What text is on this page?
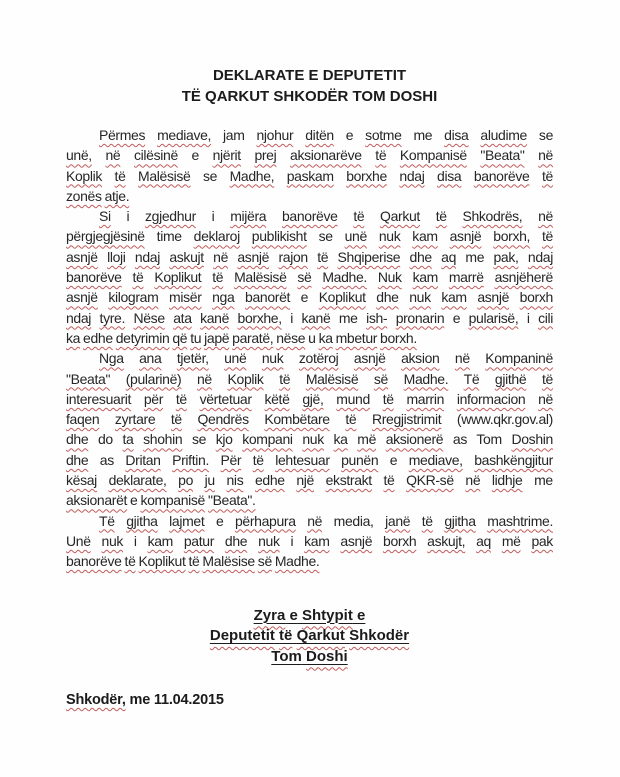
DEKLARATE E DEPUTETIT
TË QARKUT SHKODËR TOM DOSHI
Përmes mediave, jam njohur ditën e sotme me disa aludime se
unë, në cilësinë e njërit prej aksionarëve të Kompanisë "Beata" në
Koplik të Malësisë se Madhe, paskam borxhe ndaj disa banorëve të
zonës atje.
Si i zgjedhur i mijëra banorëve të Qarkut të Shkodrës, në
përgjegjësinë time deklaroj publikisht se unë nuk kam asnjë borxh, të
asnjë lloji ndaj askujt në asnjë rajon të Shqiperise dhe aq me pak, ndaj
banorëve të Koplikut të Malësisë së Madhe. Nuk kam marrë asnjëherë
asnjë kilogram misër nga banorët e Koplikut dhe nuk kam asnjë borxh
ndaj tyre. Nëse ata kanë borxhe, i kanë me ish- pronarin e pularisë, i cili
ka edhe detyrimin që tu japë paratë, nëse u ka mbetur borxh.
Nga ana tjetër, unë nuk zotëroj asnjë aksion në Kompaninë
"Beata" (pularinë) në Koplik të Malësisë së Madhe. Të gjithë të
interesuarit për të vërtetuar këtë gjë, mund të marrin informacion në
faqen zyrtare të Qendrës Kombëtare të Rregjistrimit (www.qkr.gov.al)
dhe do ta shohin se kjo kompani nuk ka më aksionerë as Tom Doshin
dhe as Dritan Priftin. Për të lehtesuar punën e mediave, bashkëngjitur
kësaj deklarate, po ju nis edhe një ekstrakt të QKR-së në lidhje me
aksionarët e kompanisë "Beata".
Të gjitha lajmet e përhapura në media, janë të gjitha mashtrime.
Unë nuk i kam patur dhe nuk i kam asnjë borxh askujt, aq më pak
banorëve të Koplikut të Malësise së Madhe.
Zyra e Shtypit e
Deputetit të Qarkut Shkodër
Tom Doshi
Shkodër, me 11.04.2015
